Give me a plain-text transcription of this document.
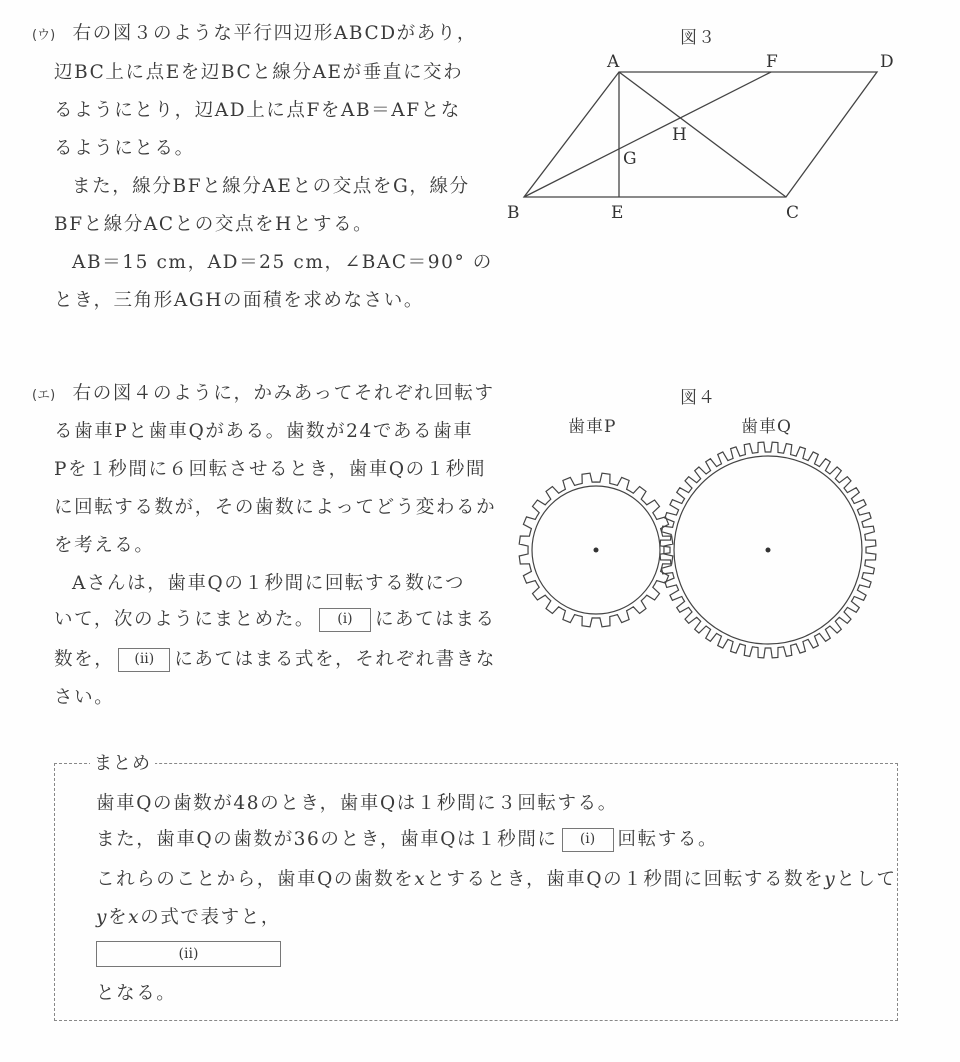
(ウ) 右の図３のような平行四辺形ABCDがあり，
辺BC上に点Eを辺BCと線分AEが垂直に交わ
るようにとり，辺AD上に点FをAB＝AFとな
るようにとる。
また，線分BFと線分AEとの交点をG，線分
BFと線分ACとの交点をHとする。
AB＝15 cm，AD＝25 cm，∠BAC＝90° の
とき，三角形AGHの面積を求めなさい。
図３
A	F	D
H
G
B	E	C
(エ) 右の図４のように，かみあってそれぞれ回転す
る歯車Pと歯車Qがある。歯数が24である歯車
Pを１秒間に６回転させるとき，歯車Qの１秒間
に回転する数が，その歯数によってどう変わるか
を考える。
Aさんは，歯車Qの１秒間に回転する数につ
いて，次のようにまとめた。 (i) にあてはまる
数を， (ii) にあてはまる式を，それぞれ書きな
さい。
図４
歯車P	歯車Q
まとめ
歯車Qの歯数が48のとき，歯車Qは１秒間に３回転する。
また，歯車Qの歯数が36のとき，歯車Qは１秒間に (i) 回転する。
これらのことから，歯車Qの歯数をxとするとき，歯車Qの１秒間に回転する数をyとして
yをxの式で表すと，
(ii)
となる。
